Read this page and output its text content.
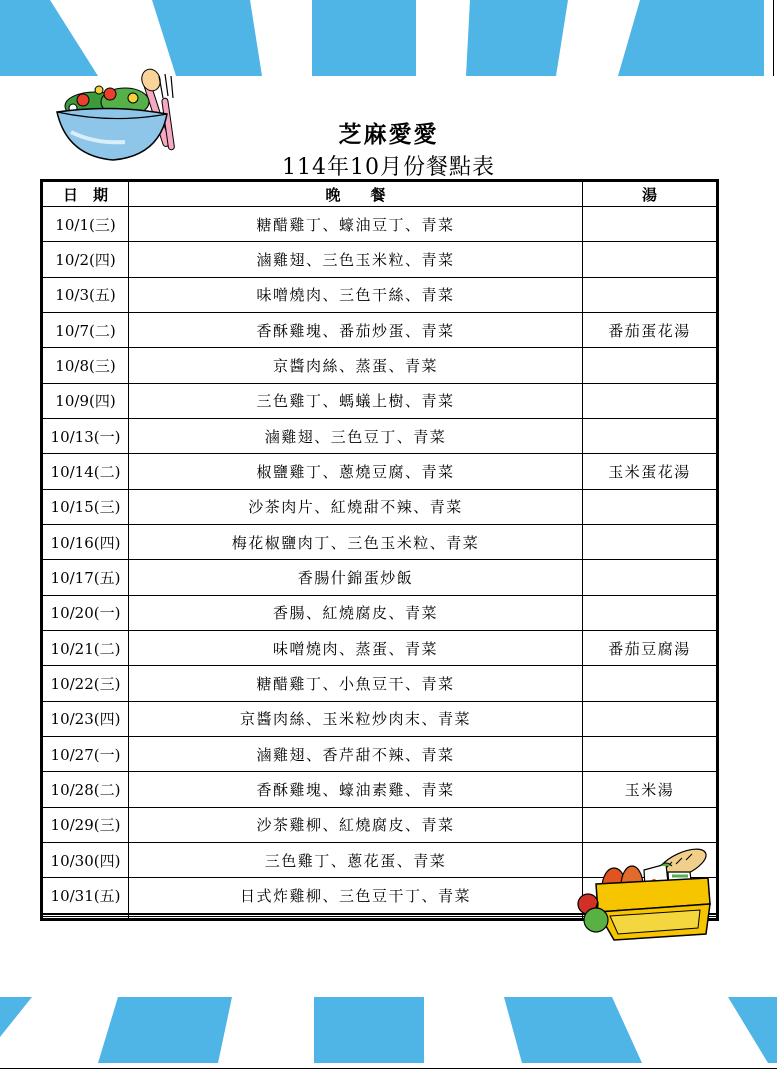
芝麻愛愛
114年10月份餐點表
日　期	晚　　餐	湯
10/1(三)	糖醋雞丁、蠔油豆丁、青菜	
10/2(四)	滷雞翅、三色玉米粒、青菜	
10/3(五)	味噌燒肉、三色干絲、青菜	
10/7(二)	香酥雞塊、番茄炒蛋、青菜	番茄蛋花湯
10/8(三)	京醬肉絲、蒸蛋、青菜	
10/9(四)	三色雞丁、螞蟻上樹、青菜	
10/13(一)	滷雞翅、三色豆丁、青菜	
10/14(二)	椒鹽雞丁、蔥燒豆腐、青菜	玉米蛋花湯
10/15(三)	沙茶肉片、紅燒甜不辣、青菜	
10/16(四)	梅花椒鹽肉丁、三色玉米粒、青菜	
10/17(五)	香腸什錦蛋炒飯	
10/20(一)	香腸、紅燒腐皮、青菜	
10/21(二)	味噌燒肉、蒸蛋、青菜	番茄豆腐湯
10/22(三)	糖醋雞丁、小魚豆干、青菜	
10/23(四)	京醬肉絲、玉米粒炒肉末、青菜	
10/27(一)	滷雞翅、香芹甜不辣、青菜	
10/28(二)	香酥雞塊、蠔油素雞、青菜	玉米湯
10/29(三)	沙茶雞柳、紅燒腐皮、青菜	
10/30(四)	三色雞丁、蔥花蛋、青菜	
10/31(五)	日式炸雞柳、三色豆干丁、青菜	
